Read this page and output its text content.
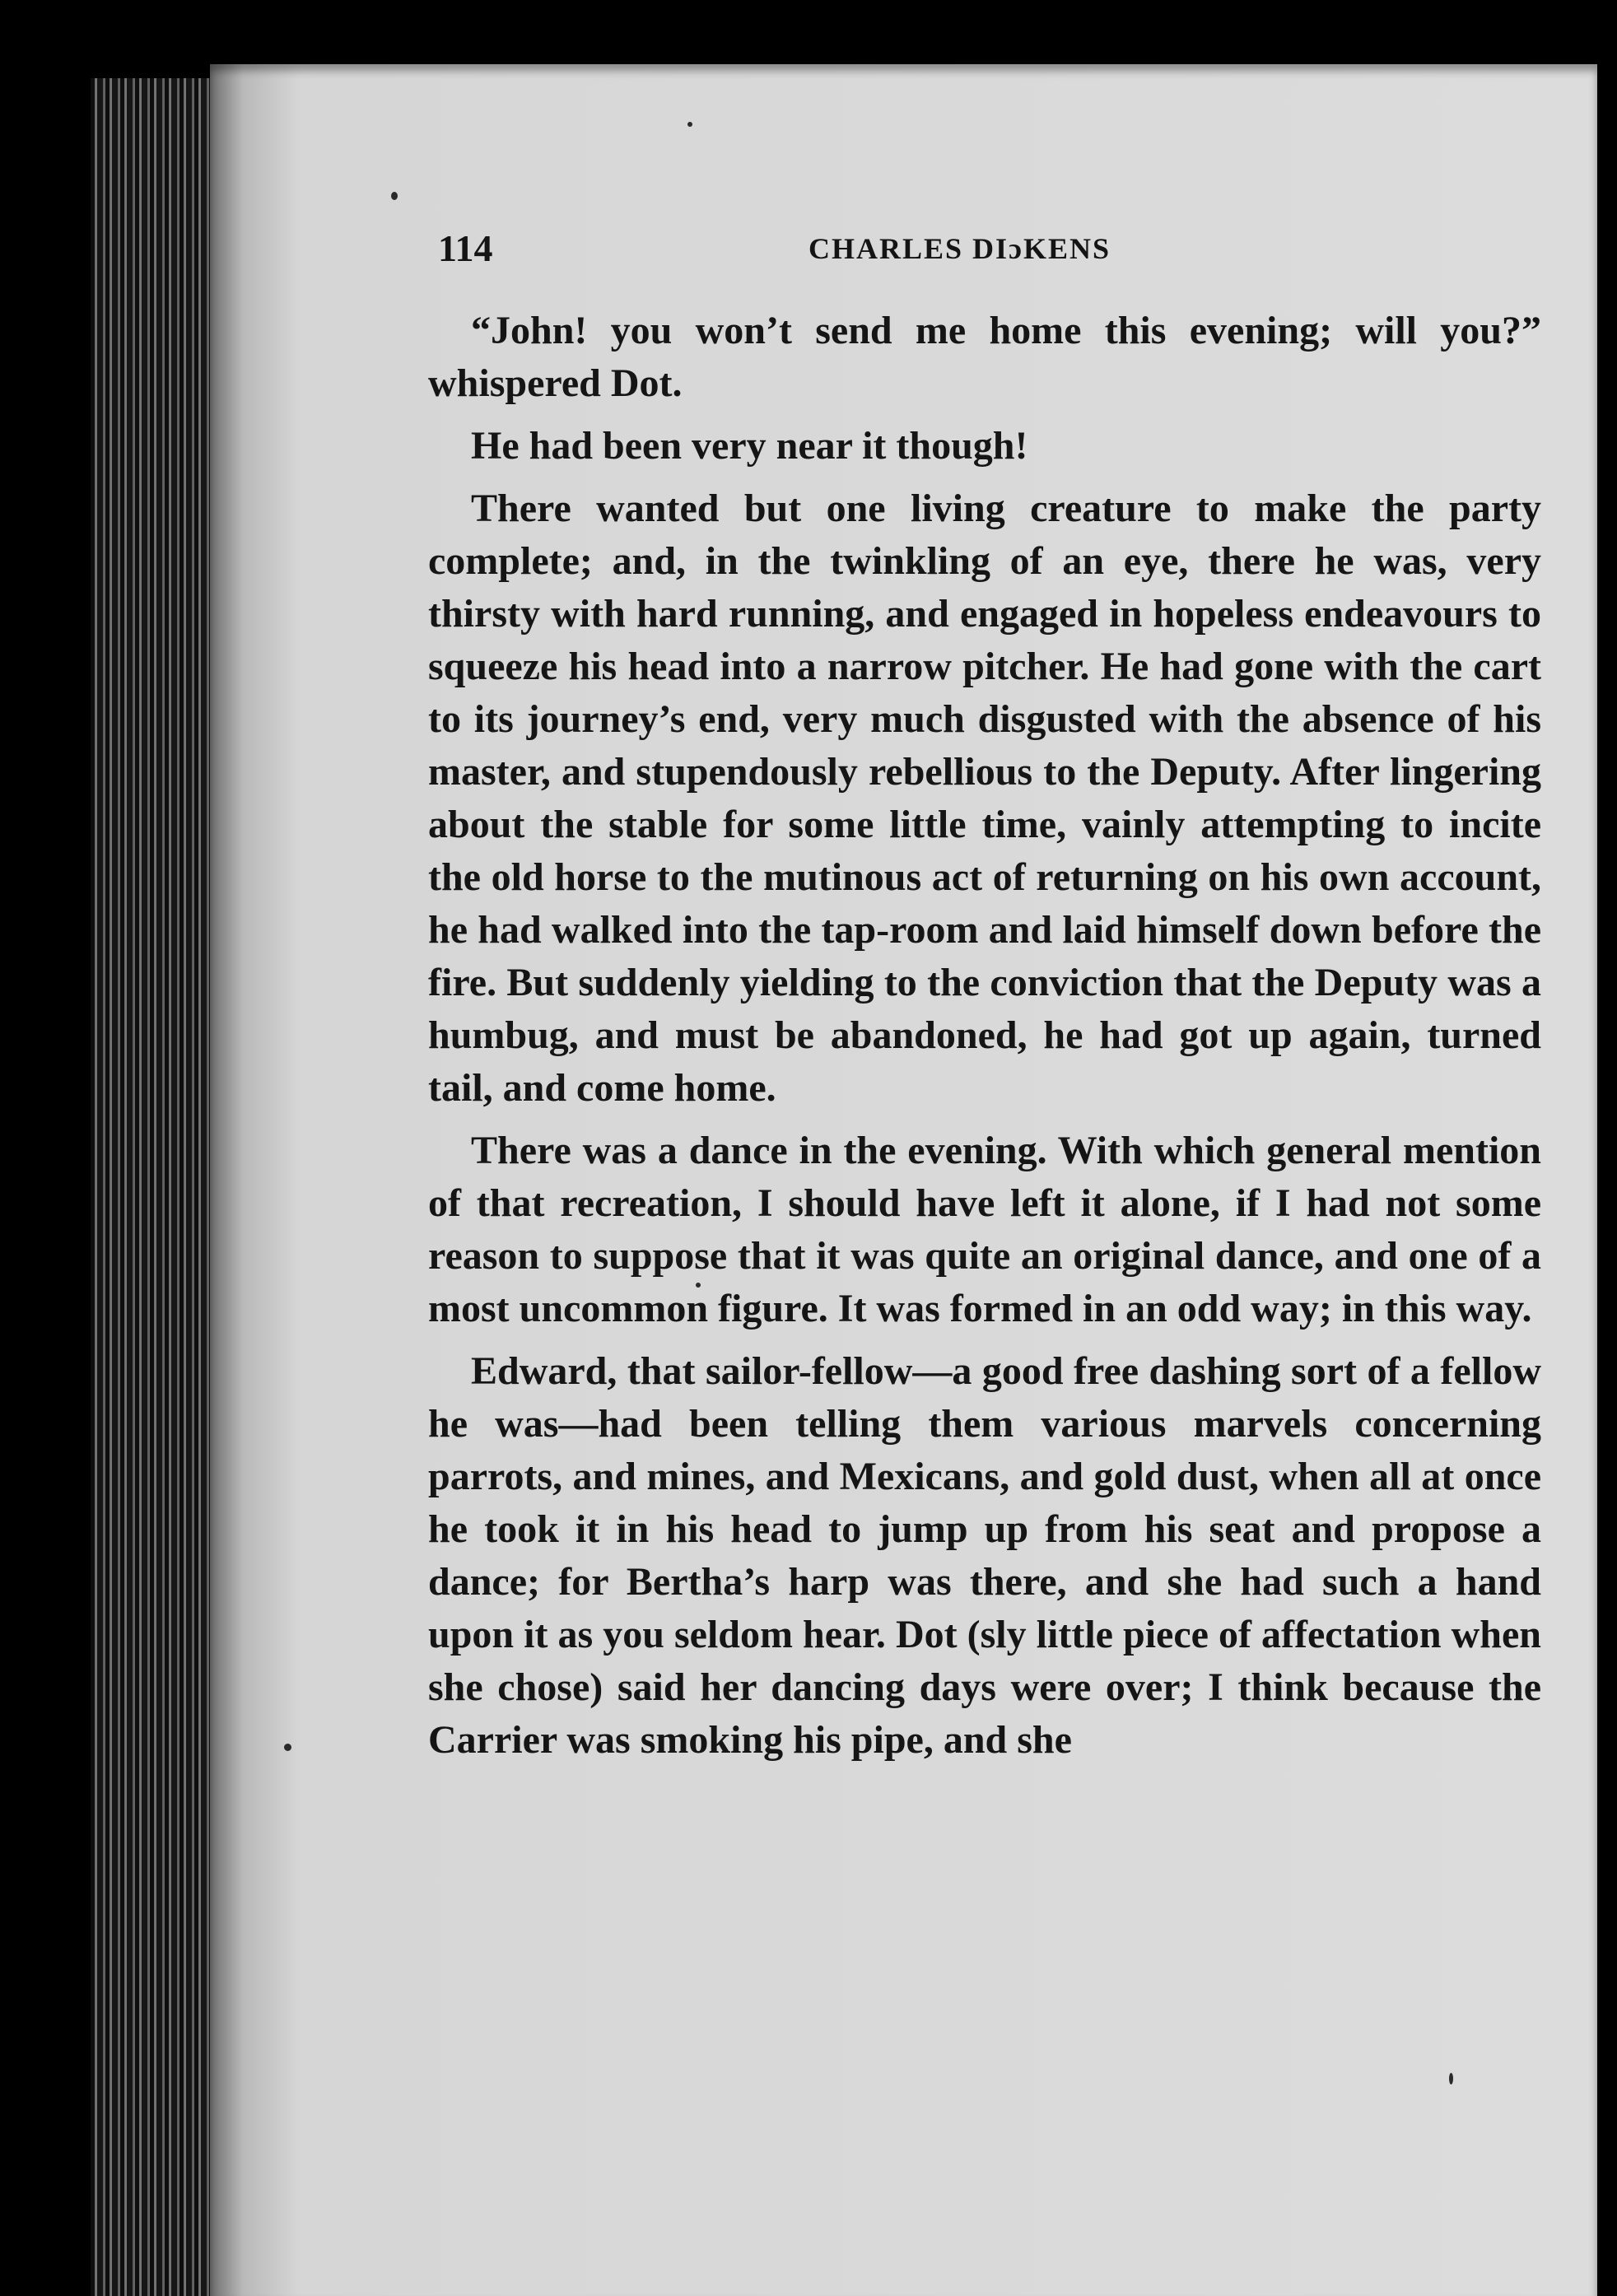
114	CHARLES DIɔKENS

“John! you won’t send me home this evening; will you?” whispered Dot.

He had been very near it though!

There wanted but one living creature to make the party complete; and, in the twinkling of an eye, there he was, very thirsty with hard running, and engaged in hopeless endeavours to squeeze his head into a narrow pitcher. He had gone with the cart to its journey’s end, very much disgusted with the absence of his master, and stupendously rebellious to the Deputy. After lingering about the stable for some little time, vainly attempting to incite the old horse to the mutinous act of returning on his own account, he had walked into the tap-room and laid himself down before the fire. But suddenly yielding to the conviction that the Deputy was a humbug, and must be abandoned, he had got up again, turned tail, and come home.

There was a dance in the evening. With which general mention of that recreation, I should have left it alone, if I had not some reason to suppose that it was quite an original dance, and one of a most uncommon figure. It was formed in an odd way; in this way.

Edward, that sailor-fellow—a good free dashing sort of a fellow he was—had been telling them various marvels concerning parrots, and mines, and Mexicans, and gold dust, when all at once he took it in his head to jump up from his seat and propose a dance; for Bertha’s harp was there, and she had such a hand upon it as you seldom hear. Dot (sly little piece of affectation when she chose) said her dancing days were over; I think because the Carrier was smoking his pipe, and she
